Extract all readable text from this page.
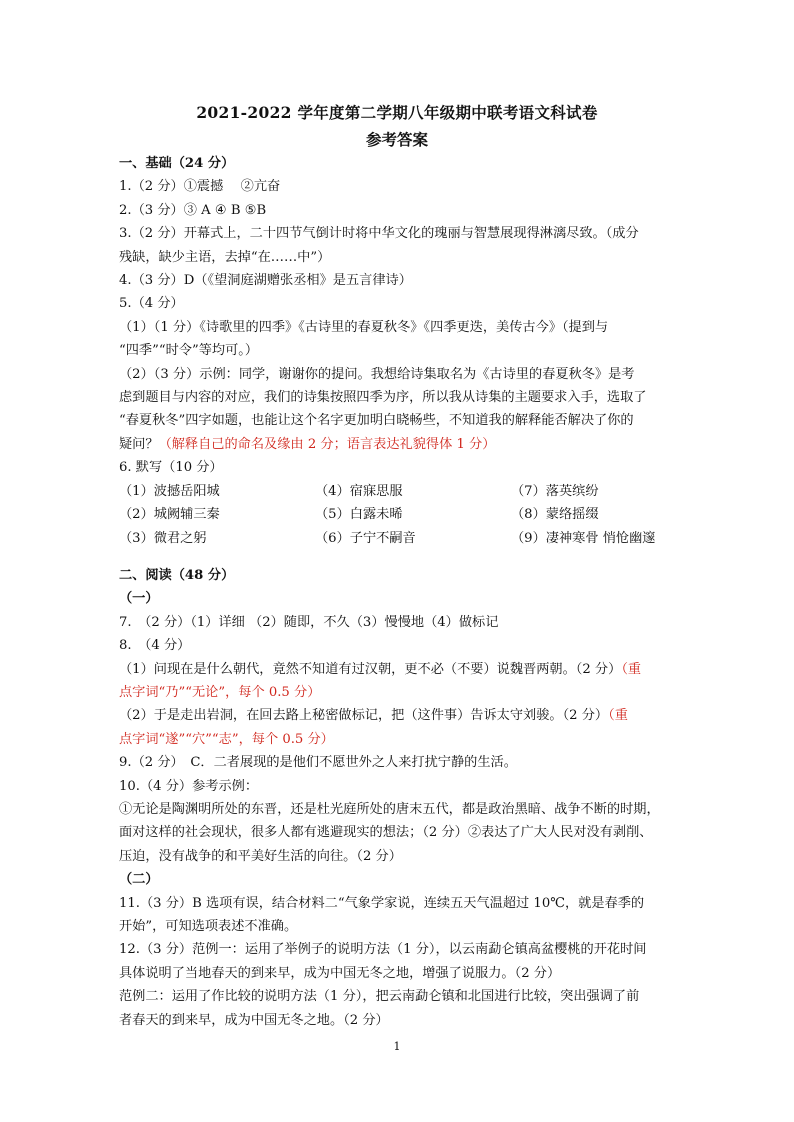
2021-2022 学年度第二学期八年级期中联考语文科试卷
参考答案

一、基础（24 分）

1.（2 分）①震撼　 ②亢奋

2.（3 分）③ A ④ B ⑤B

3.（2 分）开幕式上，二十四节气倒计时将中华文化的瑰丽与智慧展现得淋漓尽致。（成分

残缺，缺少主语，去掉“在……中”）

4.（3 分）D（《望洞庭湖赠张丞相》是五言律诗）

5.（4 分）

（1）（1 分）《诗歌里的四季》《古诗里的春夏秋冬》《四季更迭，美传古今》（提到与

“四季”“时令”等均可。）

（2）（3 分）示例：同学，谢谢你的提问。我想给诗集取名为《古诗里的春夏秋冬》是考

虑到题目与内容的对应，我们的诗集按照四季为序，所以我从诗集的主题要求入手，选取了

“春夏秋冬”四字如题，也能让这个名字更加明白晓畅些，不知道我的解释能否解决了你的

疑问？（解释自己的命名及缘由 2 分；语言表达礼貌得体 1 分）

6. 默写（10 分）

（1）波撼岳阳城	（4）宿寐思服	（7）落英缤纷
（2）城阙辅三秦	（5）白露未晞	（8）蒙络摇缀
（3）微君之躬	（6）子宁不嗣音	（9）凄神寒骨 悄怆幽邃

二、阅读（48 分）

（一）

7.　（2 分）（1）详细 （2）随即，不久（3）慢慢地（4）做标记

8.　（4 分）

（1）问现在是什么朝代，竟然不知道有过汉朝，更不必（不要）说魏晋两朝。（2 分）（重

点字词“乃”“无论”，每个 0.5 分）

（2）于是走出岩洞，在回去路上秘密做标记，把（这件事）告诉太守刘骏。（2 分）（重

点字词“遂”“穴”“志”，每个 0.5 分）

9.（2 分）　C．二者展现的是他们不愿世外之人来打扰宁静的生活。

10.（4 分）参考示例：

①无论是陶渊明所处的东晋，还是杜光庭所处的唐末五代，都是政治黑暗、战争不断的时期，

面对这样的社会现状，很多人都有逃避现实的想法；（2 分）②表达了广大人民对没有剥削、

压迫，没有战争的和平美好生活的向往。（2 分）

（二）

11.（3 分）B 选项有误，结合材料二“气象学家说，连续五天气温超过 10℃，就是春季的

开始”，可知选项表述不准确。

12.（3 分）范例一：运用了举例子的说明方法（1 分），以云南勐仑镇高盆樱桃的开花时间

具体说明了当地春天的到来早，成为中国无冬之地，增强了说服力。（2 分）

范例二：运用了作比较的说明方法（1 分），把云南勐仑镇和北国进行比较，突出强调了前

者春天的到来早，成为中国无冬之地。（2 分）

1
